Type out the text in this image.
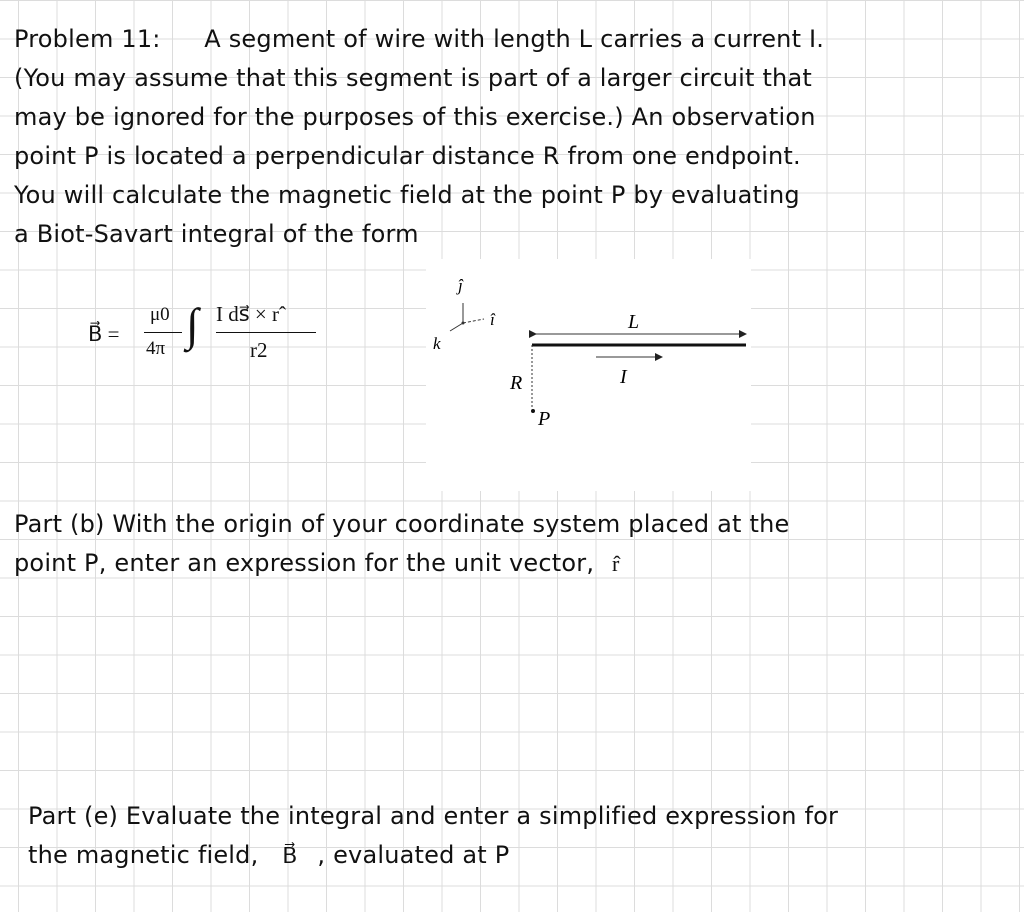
Problem 11: A segment of wire with length L carries a current I.
(You may assume that this segment is part of a larger circuit that
may be ignored for the purposes of this exercise.) An observation
point P is located a perpendicular distance R from one endpoint.
You will calculate the magnetic field at the point P by evaluating
a Biot-Savart integral of the form
B⃗ =
μ0
4π ∫ I ds⃗ × rˆ
r2
ĵ
î
k
L
R	I
P
Part (b) With the origin of your coordinate system placed at the
point P, enter an expression for the unit vector, r̂
Part (e) Evaluate the integral and enter a simplified expression for
the magnetic field, B⃗ , evaluated at P
